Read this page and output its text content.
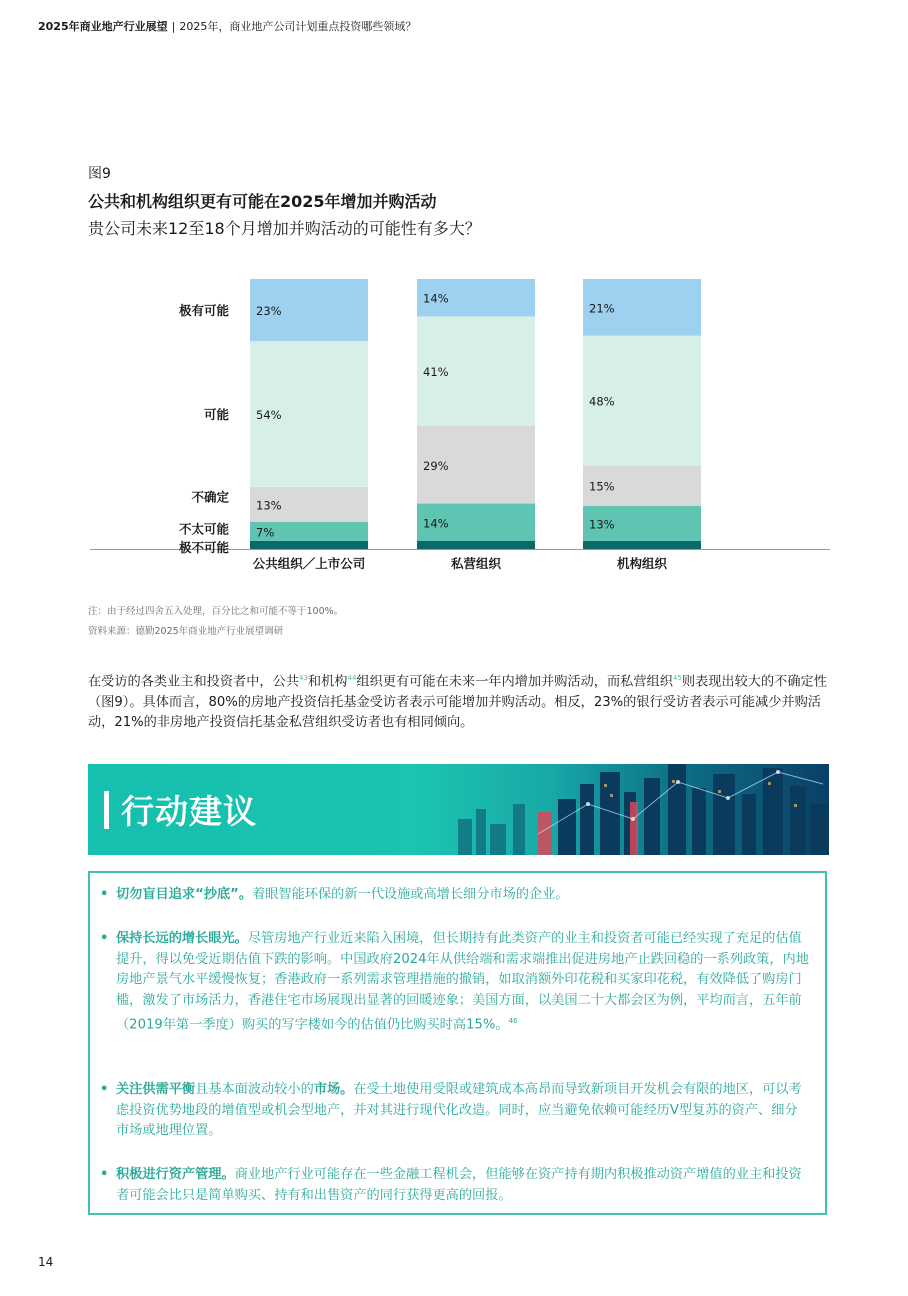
2025年商业地产行业展望 | 2025年，商业地产公司计划重点投资哪些领域？
图9
公共和机构组织更有可能在2025年增加并购活动
贵公司未来12至18个月增加并购活动的可能性有多大？
7%
13%
54%
23%
公共组织／上市公司
14%
29%
41%
14%
私营组织
13%
15%
48%
21%
机构组织
极不可能
不太可能
不确定
可能
极有可能
注：由于经过四舍五入处理，百分比之和可能不等于100%。
资料来源：德勤2025年商业地产行业展望调研
在受访的各类业主和投资者中，公共$^{43}$和机构$^{44}$组织更有可能在未来一年内增加并购活动，而私营组织$^{45}$则表现出较大的不确定性（图9）。具体而言，80%的房地产投资信托基金受访者表示可能增加并购活动。相反，23%的银行受访者表示可能减少并购活动，21%的非房地产投资信托基金私营组织受访者也有相同倾向。
行动建议
• 切勿盲目追求“抄底”。着眼智能环保的新一代设施或高增长细分市场的企业。
• 保持长远的增长眼光。尽管房地产行业近来陷入困境，但长期持有此类资产的业主和投资者可能已经实现了充足的估值提升，得以免受近期估值下跌的影响。中国政府2024年从供给端和需求端推出促进房地产止跌回稳的一系列政策，内地房地产景气水平缓慢恢复；香港政府一系列需求管理措施的撤销，如取消额外印花税和买家印花税，有效降低了购房门槛，激发了市场活力，香港住宅市场展现出显著的回暖迹象；美国方面，以美国二十大都会区为例，平均而言，五年前（2019年第一季度）购买的写字楼如今的估值仍比购买时高15%。$^{46}$
• 关注供需平衡且基本面波动较小的市场。在受土地使用受限或建筑成本高昂而导致新项目开发机会有限的地区，可以考虑投资优势地段的增值型或机会型地产，并对其进行现代化改造。同时，应当避免依赖可能经历V型复苏的资产、细分市场或地理位置。
• 积极进行资产管理。商业地产行业可能存在一些金融工程机会，但能够在资产持有期内积极推动资产增值的业主和投资者可能会比只是简单购买、持有和出售资产的同行获得更高的回报。
14
